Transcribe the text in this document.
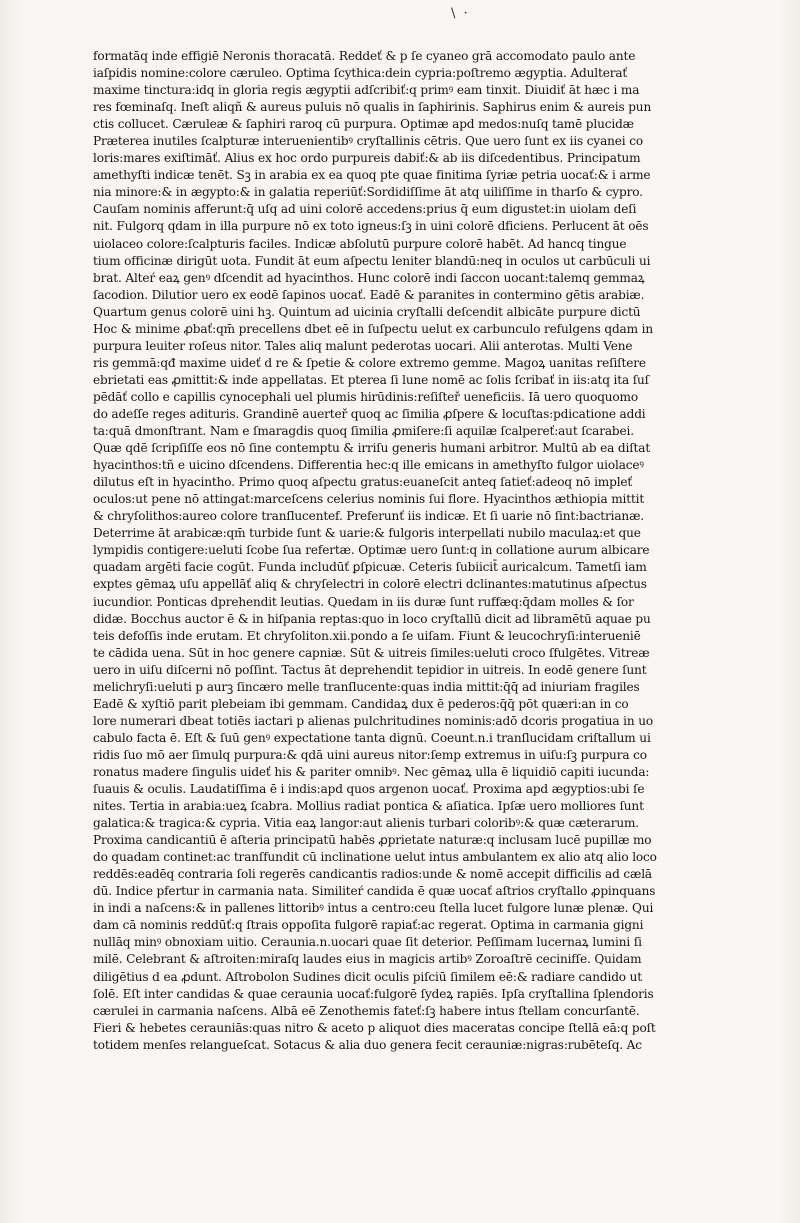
\ ·
formatāq inde effigiē Neronis thoracatā. Reddeť & p ſe cyaneo grā accomodato paulo ante
iaſpidis nomine:colore cæruleo. Optima ſcythica:dein cypria:poſtremo ægyptia. Adulterať
maxime tinctura:idq in gloria regis ægyptii adſcribiť:q primꝰ eam tinxit. Diuidiť āt hæc i ma
res fœminaſq. Ineſt aliqñ & aureus puluis nō qualis in ſaphirinis. Saphirus enim & aureis pun
ctis collucet. Cæruleæ & ſaphiri raroq cū purpura. Optimæ apd medos:nuſq tamē plucidæ
Præterea inutiles ſcalpturæ interuenientibꝰ cryſtallinis cētris. Que uero ſunt ex iis cyanei co
loris:mares exiſtimāť. Alius ex hoc ordo purpureis dabiť:& ab iis diſcedentibus. Principatum
amethyſti indicæ tenēt. Sꝫ in arabia ex ea quoq pte quae finitima ſyriæ petria uocať:& i arme
nia minore:& in ægypto:& in galatia reperiūť:Sordidiſſime āt atq uiliſſime in tharſo & cypro.
Cauſam nominis afferunt:q̄ uſq ad uini colorē accedens:prius q̄ eum digustet:in uiolam deſi
nit. Fulgorq qdam in illa purpure nō ex toto igneus:ſꝫ in uini colorē dficiens. Perlucent āt oēs
uiolaceo colore:ſcalpturis faciles. Indicæ abſolutū purpure colorē habēt. Ad hancq tingue
tium officinæ dirigūt uota. Fundit āt eum aſpectu leniter blandū:neq in oculos ut carbūculi ui
brat. Alteŕ eaꝝ genꝰ dſcendit ad hyacinthos. Hunc colorē indi ſaccon uocant:talemq gemmaꝝ
ſacodion. Dilutior uero ex eodē ſapinos uocať. Eadē & paranites in contermino gētis arabiæ.
Quartum genus colorē uini hꝫ. Quintum ad uicinia cryſtalli deſcendit albicāte purpure dictū
Hoc & minime ꝓbať:qm̄ precellens dbet eē in ſuſpectu uelut ex carbunculo refulgens qdam in
purpura leuiter roſeus nitor. Tales aliq malunt pederotas uocari. Alii anterotas. Multi Vene
ris gemmā:qđ maxime uideť d re & ſpetie & colore extremo gemme. Magoꝝ uanitas reſiſtere
ebrietati eas ꝓmittit:& inde appellatas. Et pterea ſi lune nomē ac ſolis ſcribať in iis:atq ita ſuſ
pēdāť collo e capillis cynocephali uel plumis hirūdinis:reſiſteř ueneficiis. Iā uero quoquomo
do adeſſe reges adituris. Grandinē auerteř quoq ac ſimilia ꝓſpere & locuſtas:pdicatione addi
ta:quā dmonſtrant. Nam e ſmaragdis quoq ſimilia ꝓmiſere:ſi aquilæ ſcalpereť:aut ſcarabei.
Quæ qdē ſcripſiſſe eos nō ſine contemptu & irriſu generis humani arbitror. Multū ab ea diſtat
hyacinthos:tñ e uicino dſcendens. Differentia hec:q ille emicans in amethyſto fulgor uiolaceꝰ
dilutus eſt in hyacintho. Primo quoq aſpectu gratus:euaneſcit anteq ſatieť:adeoq nō impleť
oculos:ut pene nō attingat:marceſcens celerius nominis ſui flore. Hyacinthos æthiopia mittit
& chryſolithos:aureo colore tranſlucentef. Preferunť iis indicæ. Et ſi uarie nō ſint:bactrianæ.
Deterrime āt arabicæ:qm̄ turbide ſunt & uarie:& fulgoris interpellati nubilo maculaꝝ:et que
lympidis contigere:ueluti ſcobe ſua refertæ. Optimæ uero ſunt:q in collatione aurum albicare
quadam argēti facie cogūt. Funda includūť ꝑſpicuæ. Ceteris ſubiicit̄ auricalcum. Tametſi iam
exptes gēmaꝝ uſu appellāť aliq & chryſelectri in colorē electri dclinantes:matutinus aſpectus
iucundior. Ponticas dprehendit leutias. Quedam in iis duræ ſunt ruffæq:q̄dam molles & ſor
didæ. Bocchus auctor ē & in hiſpania reptas:quo in loco cryſtallū dicit ad libramētū aquae pu
teis defoſſis inde erutam. Et chryſoliton.xii.pondo a ſe uiſam. Fiunt & leucochryſi:interueniē
te cādida uena. Sūt in hoc genere capniæ. Sūt & uitreis ſimiles:ueluti croco ſfulgētes. Vitreæ
uero in uiſu diſcerni nō poſſint. Tactus āt deprehendit tepidior in uitreis. In eodē genere ſunt
melichryſi:ueluti p aurꝫ ſincæro melle tranſlucente:quas india mittit:q̄q̄ ad iniuriam fragiles
Eadē & xyſtiō parit plebeiam ibi gemmam. Candidaꝝ dux ē pederos:q̄q̄ pōt quæri:an in co
lore numerari dbeat totiēs iactari p alienas pulchritudines nominis:adō dcoris progatiua in uo
cabulo facta ē. Eſt & ſuū genꝰ expectatione tanta dignū. Coeunt.n.i tranſlucidam criſtallum ui
ridis ſuo mō aer ſimulq purpura:& qdā uini aureus nitor:ſemp extremus in uiſu:ſꝫ purpura co
ronatus madere ſingulis uideť his & pariter omnibꝰ. Nec gēmaꝝ ulla ē liquidiō capiti iucunda:
ſuauis & oculis. Laudatiſſima ē i indis:apd quos argenon uocať. Proxima apd ægyptios:ubi ſe
nites. Tertia in arabia:ueꝝ ſcabra. Mollius radiat pontica & aſiatica. Ipſæ uero molliores ſunt
galatica:& tragica:& cypria. Vitia eaꝝ langor:aut alienis turbari coloribꝰ:& quæ cæterarum.
Proxima candicantiū ē aſteria principatū habēs ꝓprietate naturæ:q inclusam lucē pupillæ mo
do quadam continet:ac tranſfundit cū inclinatione uelut intus ambulantem ex alio atq alio loco
reddēs:eadēq contraria ſoli regerēs candicantis radios:unde & nomē accepit difficilis ad cælā
dū. Indice pfertur in carmania nata. Similiteŕ candida ē quæ uocať aſtrios cryſtallo ꝓpinquans
in indi a naſcens:& in pallenes littoribꝰ intus a centro:ceu ſtella lucet fulgore lunæ plenæ. Qui
dam cā nominis reddūť:q ſtrais oppoſita fulgorē rapiať:ac regerat. Optima in carmania gigni
nullāq minꝰ obnoxiam uitio. Ceraunia.n.uocari quae ſit deterior. Peſſimam lucernaꝝ lumini ſi
milē. Celebrant & aſtroiten:miraſq laudes eius in magicis artibꝰ Zoroaſtrē cecinifſe. Quidam
diligētius d ea ꝓdunt. Aſtrobolon Sudines dicit oculis piſciū ſimilem eē:& radiare candido ut
ſolē. Eſt inter candidas & quae ceraunia uocať:fulgorē ſydeꝝ rapiēs. Ipſa cryſtallina ſplendoris
cærulei in carmania naſcens. Albā eē Zenothemis fateť:ſꝫ habere intus ſtellam concurſantē.
Fieri & hebetes cerauniās:quas nitro & aceto p aliquot dies maceratas concipe ſtellā eā:q poſt
totidem menſes relangueſcat. Sotacus & alia duo genera fecit cerauniæ:nigras:rubēteſq. Ac
